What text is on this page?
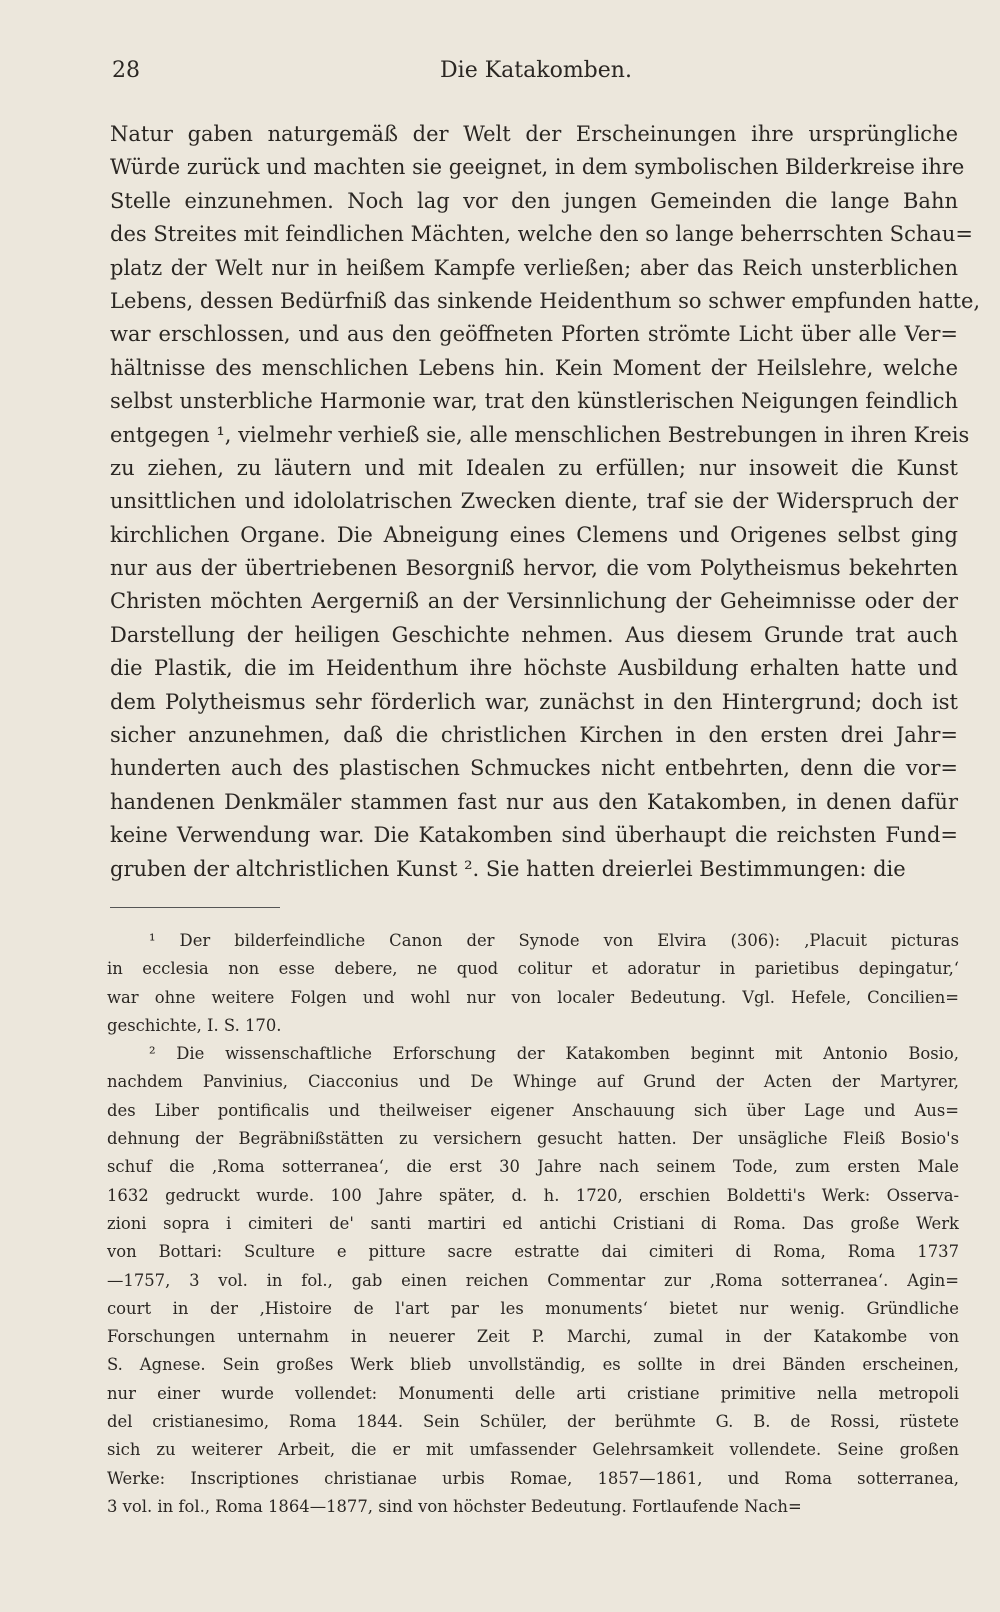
28	Die Katakomben.
Natur gaben naturgemäß der Welt der Erscheinungen ihre ursprüngliche
Würde zurück und machten sie geeignet, in dem symbolischen Bilderkreise ihre
Stelle einzunehmen. Noch lag vor den jungen Gemeinden die lange Bahn
des Streites mit feindlichen Mächten, welche den so lange beherrschten Schau=
platz der Welt nur in heißem Kampfe verließen; aber das Reich unsterblichen
Lebens, dessen Bedürfniß das sinkende Heidenthum so schwer empfunden hatte,
war erschlossen, und aus den geöffneten Pforten strömte Licht über alle Ver=
hältnisse des menschlichen Lebens hin. Kein Moment der Heilslehre, welche
selbst unsterbliche Harmonie war, trat den künstlerischen Neigungen feindlich
entgegen ¹, vielmehr verhieß sie, alle menschlichen Bestrebungen in ihren Kreis
zu ziehen, zu läutern und mit Idealen zu erfüllen; nur insoweit die Kunst
unsittlichen und idololatrischen Zwecken diente, traf sie der Widerspruch der
kirchlichen Organe. Die Abneigung eines Clemens und Origenes selbst ging
nur aus der übertriebenen Besorgniß hervor, die vom Polytheismus bekehrten
Christen möchten Aergerniß an der Versinnlichung der Geheimnisse oder der
Darstellung der heiligen Geschichte nehmen. Aus diesem Grunde trat auch
die Plastik, die im Heidenthum ihre höchste Ausbildung erhalten hatte und
dem Polytheismus sehr förderlich war, zunächst in den Hintergrund; doch ist
sicher anzunehmen, daß die christlichen Kirchen in den ersten drei Jahr=
hunderten auch des plastischen Schmuckes nicht entbehrten, denn die vor=
handenen Denkmäler stammen fast nur aus den Katakomben, in denen dafür
keine Verwendung war. Die Katakomben sind überhaupt die reichsten Fund=
gruben der altchristlichen Kunst ². Sie hatten dreierlei Bestimmungen: die
¹ Der bilderfeindliche Canon der Synode von Elvira (306): ‚Placuit picturas
in ecclesia non esse debere, ne quod colitur et adoratur in parietibus depingatur,‘
war ohne weitere Folgen und wohl nur von localer Bedeutung. Vgl. Hefele, Concilien=
geschichte, I. S. 170.
² Die wissenschaftliche Erforschung der Katakomben beginnt mit Antonio Bosio,
nachdem Panvinius, Ciacconius und De Whinge auf Grund der Acten der Martyrer,
des Liber pontificalis und theilweiser eigener Anschauung sich über Lage und Aus=
dehnung der Begräbnißstätten zu versichern gesucht hatten. Der unsägliche Fleiß Bosio's
schuf die ‚Roma sotterranea‘, die erst 30 Jahre nach seinem Tode, zum ersten Male
1632 gedruckt wurde. 100 Jahre später, d. h. 1720, erschien Boldetti's Werk: Osserva-
zioni sopra i cimiteri de' santi martiri ed antichi Cristiani di Roma. Das große Werk
von Bottari: Sculture e pitture sacre estratte dai cimiteri di Roma, Roma 1737
—1757, 3 vol. in fol., gab einen reichen Commentar zur ‚Roma sotterranea‘. Agin=
court in der ‚Histoire de l'art par les monuments‘ bietet nur wenig. Gründliche
Forschungen unternahm in neuerer Zeit P. Marchi, zumal in der Katakombe von
S. Agnese. Sein großes Werk blieb unvollständig, es sollte in drei Bänden erscheinen,
nur einer wurde vollendet: Monumenti delle arti cristiane primitive nella metropoli
del cristianesimo, Roma 1844. Sein Schüler, der berühmte G. B. de Rossi, rüstete
sich zu weiterer Arbeit, die er mit umfassender Gelehrsamkeit vollendete. Seine großen
Werke: Inscriptiones christianae urbis Romae, 1857—1861, und Roma sotterranea,
3 vol. in fol., Roma 1864—1877, sind von höchster Bedeutung. Fortlaufende Nach=
